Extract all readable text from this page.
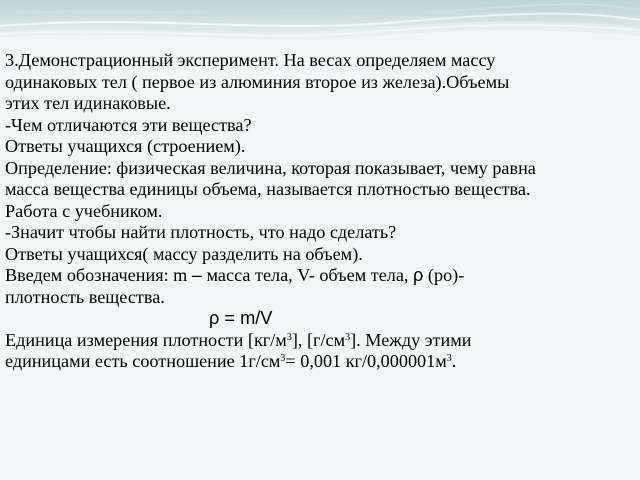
3.Демонстрационный эксперимент. На весах определяем массу

одинаковых тел ( первое из алюминия второе из железа).Объемы

этих тел идинаковые.

-Чем отличаются эти вещества?

Ответы учащихся (строением).

Определение: физическая величина, которая показывает, чему равна

масса вещества единицы объема, называется плотностью вещества.

Работа с учебником.

-Значит чтобы найти плотность, что надо сделать?

Ответы учащихся( массу разделить на объем).

Введем обозначения: m – масса тела, V- объем тела, ρ (ро)-

плотность вещества.

ρ = m/V

Единица измерения плотности $[кг/м^3]$, $[г/см^3]$. Между этими

единицами есть соотношение $1г/см^3= 0,001$ $кг/0,000001м^3$.
